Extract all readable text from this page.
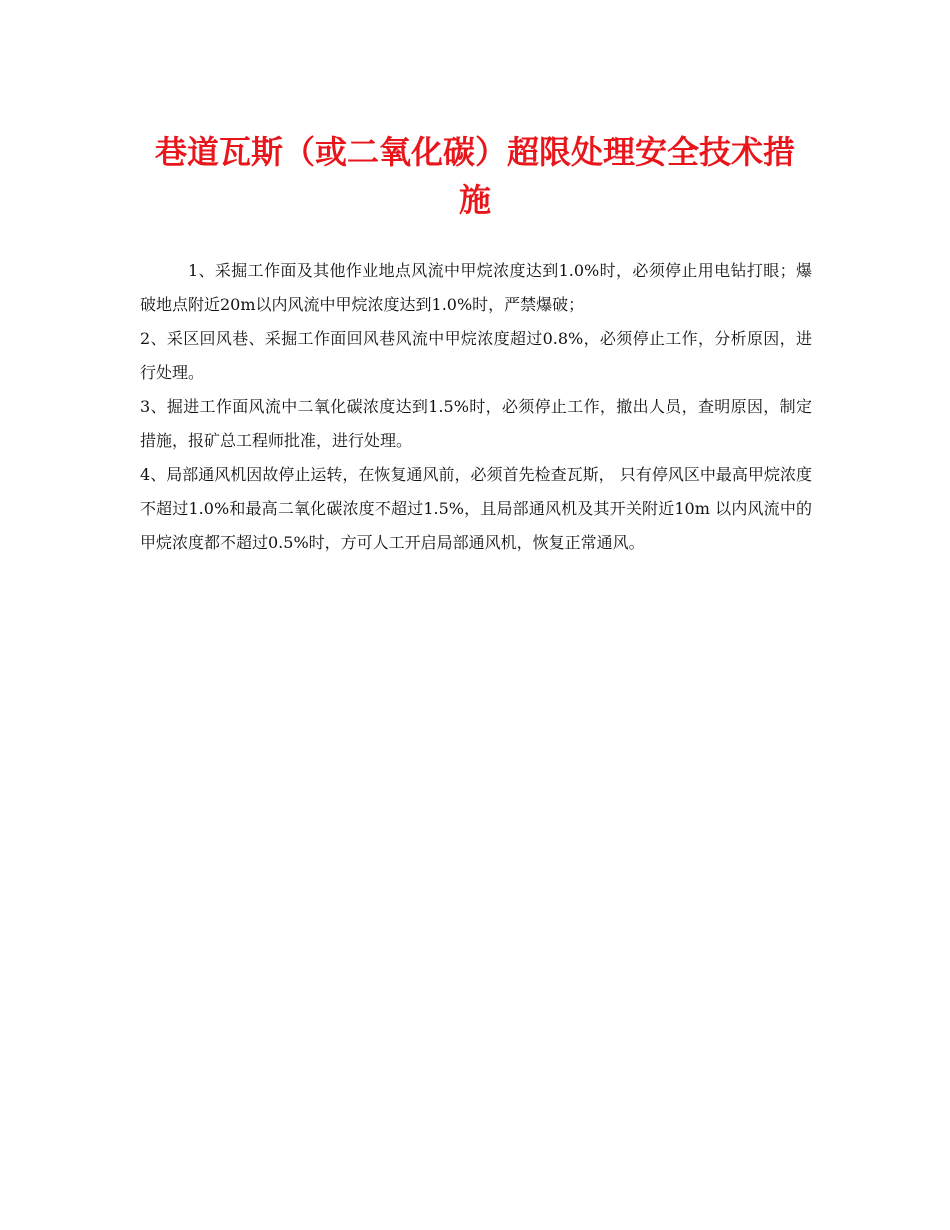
巷道瓦斯（或二氧化碳）超限处理安全技术措施

1、采掘工作面及其他作业地点风流中甲烷浓度达到1.0%时，必须停止用电钻打眼；爆破地点附近20m以内风流中甲烷浓度达到1.0%时，严禁爆破；

2、采区回风巷、采掘工作面回风巷风流中甲烷浓度超过0.8%，必须停止工作，分析原因，进行处理。

3、掘进工作面风流中二氧化碳浓度达到1.5%时，必须停止工作，撤出人员，查明原因，制定措施，报矿总工程师批准，进行处理。

4、局部通风机因故停止运转，在恢复通风前，必须首先检查瓦斯， 只有停风区中最高甲烷浓度不超过1.0%和最高二氧化碳浓度不超过1.5%，且局部通风机及其开关附近10m 以内风流中的甲烷浓度都不超过0.5%时，方可人工开启局部通风机，恢复正常通风。
